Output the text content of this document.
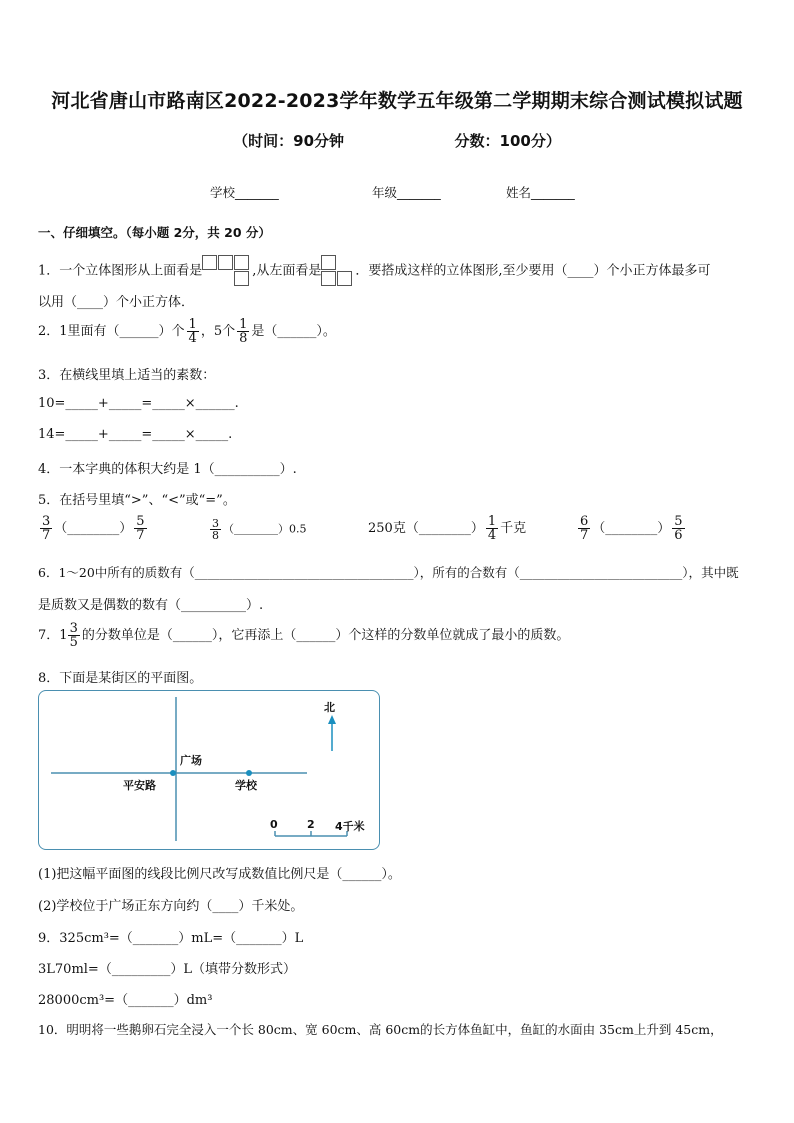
河北省唐山市路南区2022-2023学年数学五年级第二学期期末综合测试模拟试题
（时间：90分钟	分数：100分）
学校_______	年级_______	姓名_______
一、仔细填空。（每小题 2分，共 20 分）
1．一个立体图形从上面看是	,从左面看是	．要搭成这样的立体图形,至少要用（____）个小正方体最多可
以用（____）个小正方体．
2．1里面有（______）个 $\frac{1}{4}$ ，5个 $\frac{1}{8}$ 是（______）。
3．在横线里填上适当的素数：
10=_____+_____=_____×______.
14=_____+_____=_____×_____.
4．一本字典的体积大约是 1（__________）.
5．在括号里填“>”、“<”或“=”。
$\frac{3}{7}$ （________） $\frac{5}{7}$	$\frac{3}{8}$ （________）0.5	250克（________） $\frac{1}{4}$ 千克	$\frac{6}{7}$ （________） $\frac{5}{6}$
6．1～20中所有的质数有（___________________________________），所有的合数有（__________________________），其中既
是质数又是偶数的数有（__________）.
7．$1 \frac{3}{5}$ 的分数单位是（______），它再添上（______）个这样的分数单位就成了最小的质数。
8．下面是某街区的平面图。
北
广场
平安路	学校
0	2 4千米
(1)把这幅平面图的线段比例尺改写成数值比例尺是（______）。
(2)学校位于广场正东方向约（____）千米处。
9．325cm³=（_______）mL=（_______）L
3L70ml=（_________）L（填带分数形式）
28000cm³=（_______）dm³
10．明明将一些鹅卵石完全浸入一个长 80cm、宽 60cm、高 60cm的长方体鱼缸中，鱼缸的水面由 35cm上升到 45cm，
